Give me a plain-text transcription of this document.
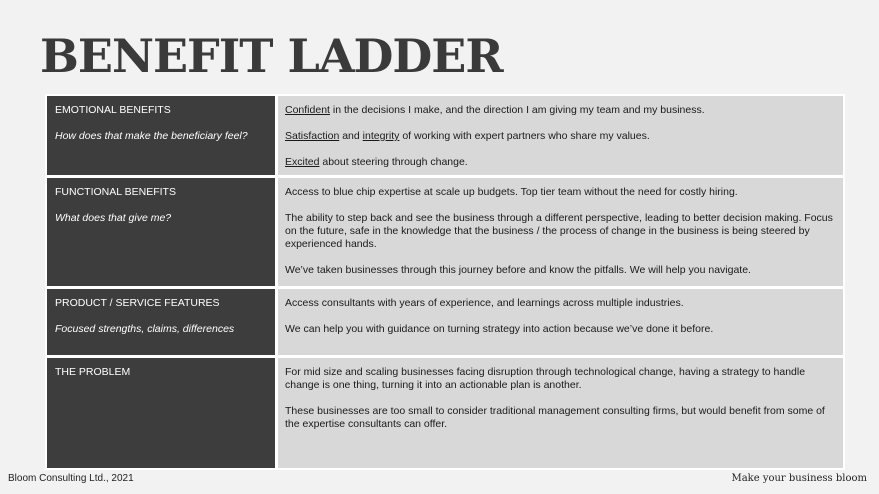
BENEFIT LADDER
EMOTIONAL BENEFITS
How does that make the beneficiary feel?

Confident in the decisions I make, and the direction I am giving my team and my business.

Satisfaction and integrity of working with expert partners who share my values.

Excited about steering through change.

FUNCTIONAL BENEFITS
What does that give me?

Access to blue chip expertise at scale up budgets. Top tier team without the need for costly hiring.

The ability to step back and see the business through a different perspective, leading to better decision making. Focus on the future, safe in the knowledge that the business / the process of change in the business is being steered by experienced hands.

We’ve taken businesses through this journey before and know the pitfalls. We will help you navigate.

PRODUCT / SERVICE FEATURES
Focused strengths, claims, differences

Access consultants with years of experience, and learnings across multiple industries.

We can help you with guidance on turning strategy into action because we’ve done it before.

THE PROBLEM	For mid size and scaling businesses facing disruption through technological change, having a strategy to handle change is one thing, turning it into an actionable plan is another.

These businesses are too small to consider traditional management consulting firms, but would benefit from some of the expertise consultants can offer.

Bloom Consulting Ltd., 2021	Make your business bloom
